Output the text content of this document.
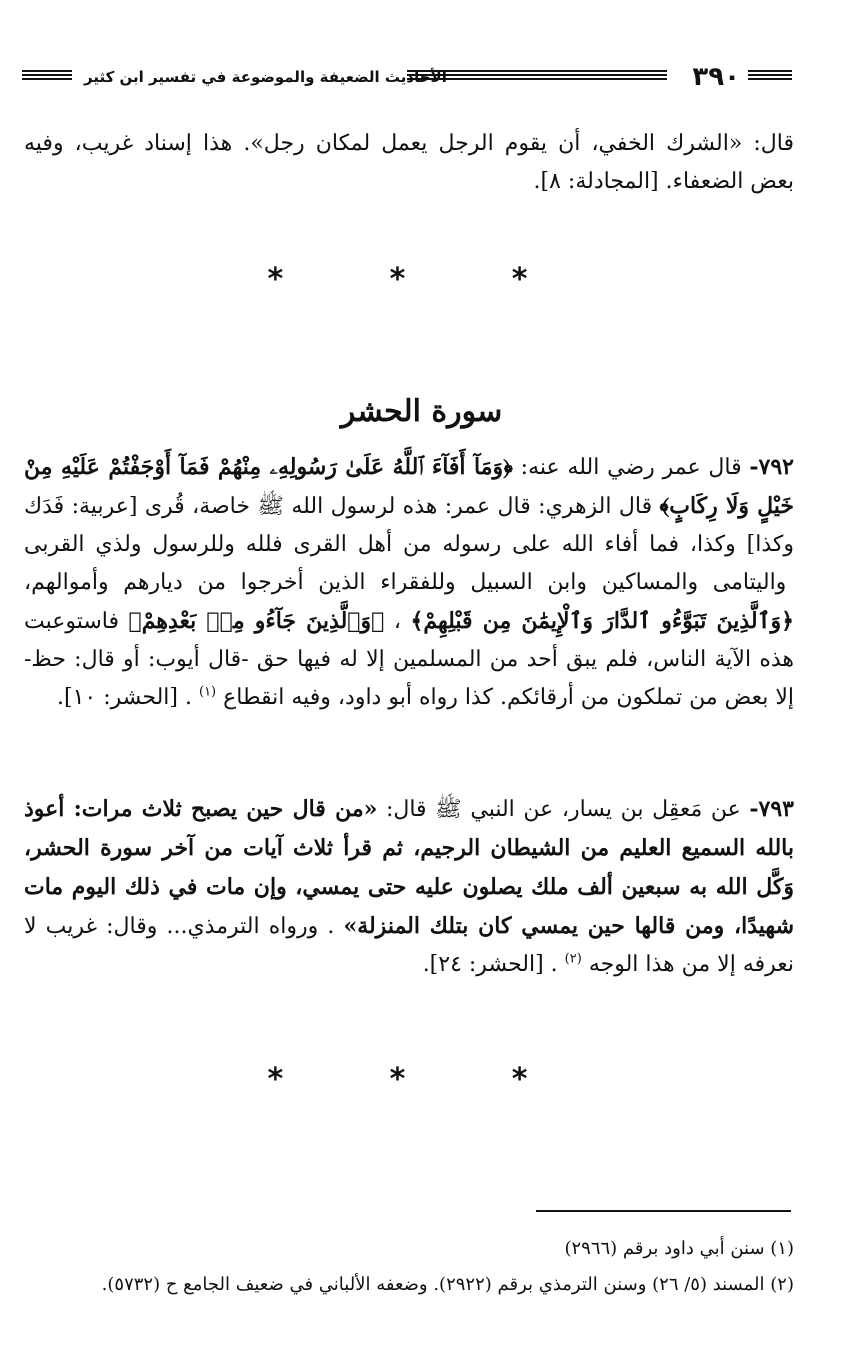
٣٩٠
الأحاديث الضعيفة والموضوعة في تفسير ابن كثير
قال: «الشرك الخفي، أن يقوم الرجل يعمل لمكان رجل». هذا إسناد غريب، وفيه بعض الضعفاء. [المجادلة: ٨].
* * *
سورة الحشر
٧٩٢- قال عمر رضي الله عنه: ﴿وَمَآ أَفَآءَ ٱللَّهُ عَلَىٰ رَسُولِهِۦ مِنْهُمْ فَمَآ أَوْجَفْتُمْ عَلَيْهِ مِنْ خَيْلٍ وَلَا رِكَابٍ﴾ قال الزهري: قال عمر: هذه لرسول الله ﷺ خاصة، قُرى [عربية: فَدَك وكذا] وكذا، فما أفاء الله على رسوله من أهل القرى فلله وللرسول ولذي القربى واليتامى والمساكين وابن السبيل وللفقراء الذين أخرجوا من ديارهم وأموالهم، ﴿وَٱلَّذِينَ تَبَوَّءُو ٱلدَّارَ وَٱلْإِيمَٰنَ مِن قَبْلِهِمْ﴾ ، ﴿وَٱلَّذِينَ جَآءُو مِنۢ بَعْدِهِمْ﴾ فاستوعبت هذه الآية الناس، فلم يبق أحد من المسلمين إلا له فيها حق -قال أيوب: أو قال: حظ- إلا بعض من تملكون من أرقائكم. كذا رواه أبو داود، وفيه انقطاع $^{(١)}$ . [الحشر: ١٠].
٧٩٣- عن مَعقِل بن يسار، عن النبي ﷺ قال: «من قال حين يصبح ثلاث مرات: أعوذ بالله السميع العليم من الشيطان الرجيم، ثم قرأ ثلاث آيات من آخر سورة الحشر، وَكَّل الله به سبعين ألف ملك يصلون عليه حتى يمسي، وإن مات في ذلك اليوم مات شهيدًا، ومن قالها حين يمسي كان بتلك المنزلة» . ورواه الترمذي... وقال: غريب لا نعرفه إلا من هذا الوجه $^{(٢)}$ . [الحشر: ٢٤].
* * *
(١) سنن أبي داود برقم (٢٩٦٦)
(٢) المسند (٥/ ٢٦) وسنن الترمذي برقم (٢٩٢٢). وضعفه الألباني في ضعيف الجامع ح (٥٧٣٢).
